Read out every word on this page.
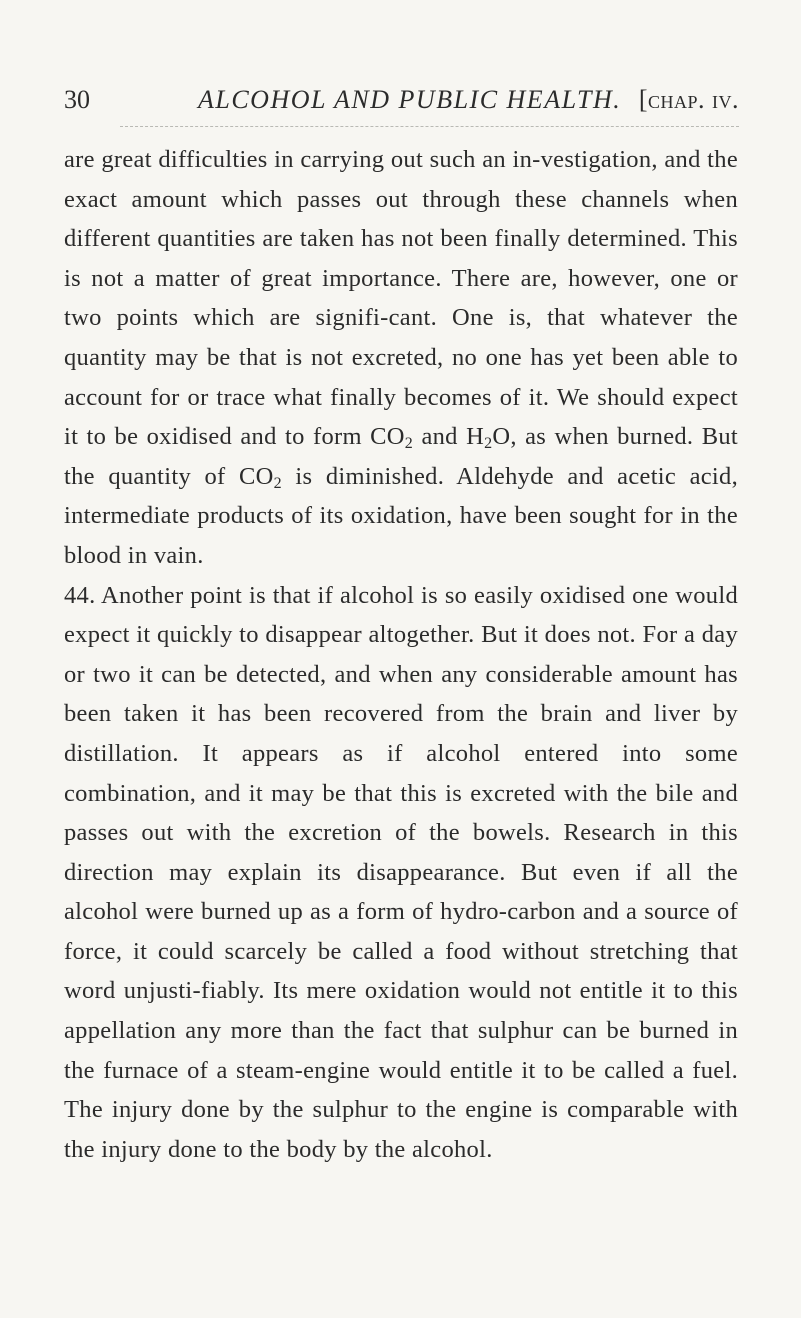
30	ALCOHOL AND PUBLIC HEALTH. [chap. iv.

are great difficulties in carrying out such an in-vestigation, and the exact amount which passes out through these channels when different quantities are taken has not been finally determined. This is not a matter of great importance. There are, however, one or two points which are signifi-cant. One is, that whatever the quantity may be that is not excreted, no one has yet been able to account for or trace what finally becomes of it. We should expect it to be oxidised and to form $CO_2$ and $H_2O$, as when burned. But the quantity of $CO_2$ is diminished. Aldehyde and acetic acid, intermediate products of its oxidation, have been sought for in the blood in vain.

44. Another point is that if alcohol is so easily oxidised one would expect it quickly to disappear altogether. But it does not. For a day or two it can be detected, and when any considerable amount has been taken it has been recovered from the brain and liver by distillation. It appears as if alcohol entered into some combination, and it may be that this is excreted with the bile and passes out with the excretion of the bowels. Research in this direction may explain its disappearance. But even if all the alcohol were burned up as a form of hydro-carbon and a source of force, it could scarcely be called a food without stretching that word unjusti-fiably. Its mere oxidation would not entitle it to this appellation any more than the fact that sulphur can be burned in the furnace of a steam-engine would entitle it to be called a fuel. The injury done by the sulphur to the engine is comparable with the injury done to the body by the alcohol.
